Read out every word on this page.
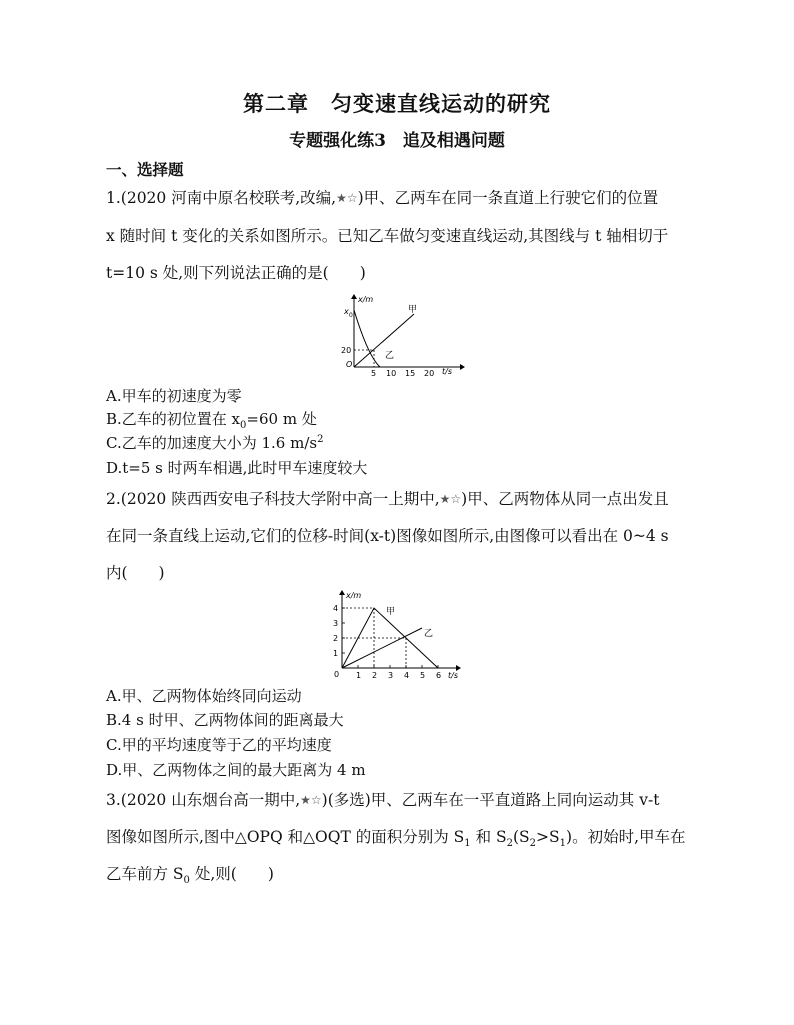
第二章　匀变速直线运动的研究
专题强化练3　追及相遇问题
一、选择题
1.(2020 河南中原名校联考,改编,★☆)甲、乙两车在同一条直道上行驶它们的位置
x 随时间 t 变化的关系如图所示。已知乙车做匀变速直线运动,其图线与 t 轴相切于
t=10 s 处,则下列说法正确的是(　　)
x/m
x 0
20
O
5 10 15 20 t/s
甲
乙
A.甲车的初速度为零
B.乙车的初位置在 $x_0=60$ m 处
C.乙车的加速度大小为 1.6 $m/s^2$
D.t=5 s 时两车相遇,此时甲车速度较大
2.(2020 陕西西安电子科技大学附中高一上期中,★☆)甲、乙两物体从同一点出发且
在同一条直线上运动,它们的位移-时间(x-t)图像如图所示,由图像可以看出在 0~4 s
内(　　)
x/m
1
2
3
4
0 1 2 3 4 5 6 t/s
甲
乙
A.甲、乙两物体始终同向运动
B.4 s 时甲、乙两物体间的距离最大
C.甲的平均速度等于乙的平均速度
D.甲、乙两物体之间的最大距离为 4 m
3.(2020 山东烟台高一期中,★☆)(多选)甲、乙两车在一平直道路上同向运动其 v-t
图像如图所示,图中△OPQ 和△OQT 的面积分别为 $S_1$ 和 $S_2(S_2>S_1)$。初始时,甲车在
乙车前方 $S_0$ 处,则(　　)
